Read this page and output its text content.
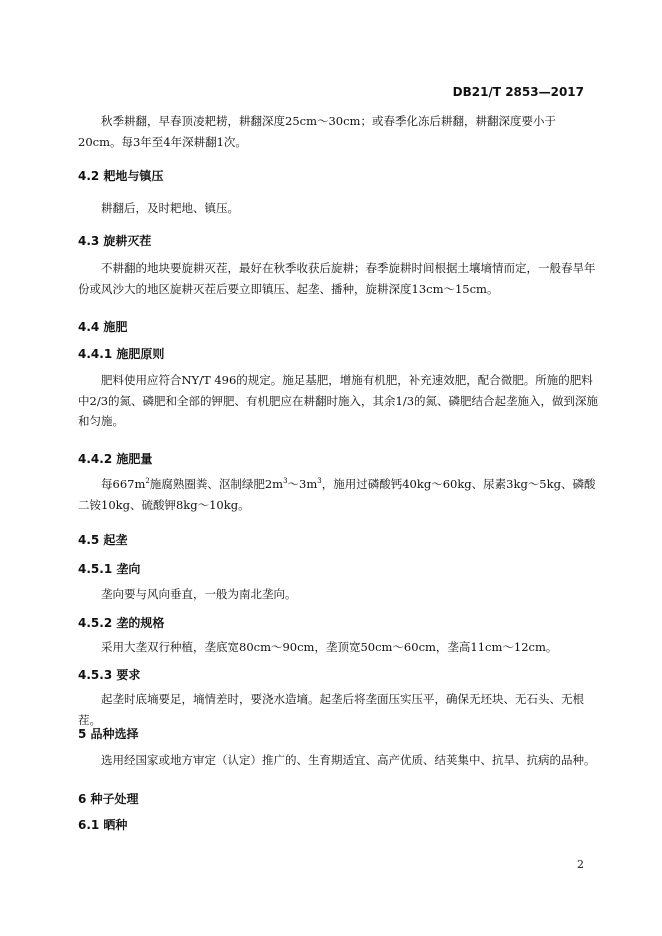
DB21/T 2853—2017
秋季耕翻，早春顶凌耙耢，耕翻深度25cm～30cm；或春季化冻后耕翻，耕翻深度要小于20cm。每3年至4年深耕翻1次。
4.2 耙地与镇压
耕翻后，及时耙地、镇压。
4.3 旋耕灭茬
不耕翻的地块要旋耕灭茬，最好在秋季收获后旋耕；春季旋耕时间根据土壤墒情而定，一般春旱年份或风沙大的地区旋耕灭茬后要立即镇压、起垄、播种，旋耕深度13cm～15cm。
4.4 施肥
4.4.1 施肥原则
肥料使用应符合NY/T 496的规定。施足基肥，增施有机肥，补充速效肥，配合微肥。所施的肥料中2/3的氮、磷肥和全部的钾肥、有机肥应在耕翻时施入，其余1/3的氮、磷肥结合起垄施入，做到深施和匀施。
4.4.2 施肥量
每$667m^2$施腐熟圈粪、沤制绿肥$2m^3\sim 3m^3$，施用过磷酸钙40kg～60kg、尿素3kg～5kg、磷酸二铵10kg、硫酸钾8kg～10kg。
4.5 起垄
4.5.1 垄向
垄向要与风向垂直，一般为南北垄向。
4.5.2 垄的规格
采用大垄双行种植，垄底宽80cm～90cm，垄顶宽50cm～60cm，垄高11cm～12cm。
4.5.3 要求
起垄时底墒要足，墒情差时，要浇水造墒。起垄后将垄面压实压平，确保无坯块、无石头、无根茬。
5 品种选择
选用经国家或地方审定（认定）推广的、生育期适宜、高产优质、结荚集中、抗旱、抗病的品种。
6 种子处理
6.1 晒种
2
